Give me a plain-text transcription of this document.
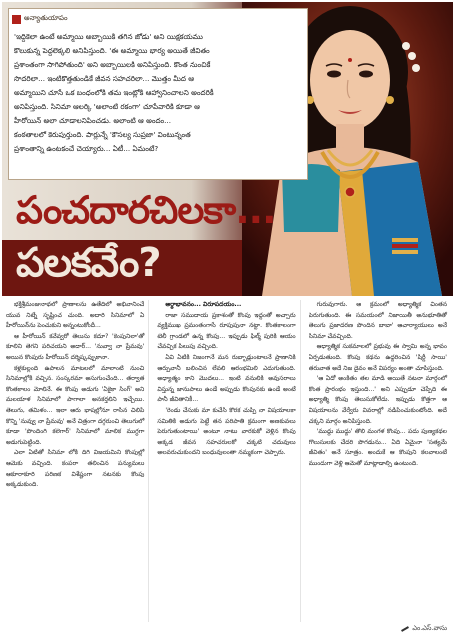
అన్యాతుయాపం
'ఇద్దికెలా ఉంటే అమ్మాయి అబ్బాయికి తగిన జోడు' అని యిక్షకయము
కొలుకున్న పెద్దలెక్కలి అనిపిస్తుంది. 'ఈ అమ్మాయి భార్య అయితే జీవితం
ప్రశాంతంగా సాగిపోతుంది' అని అబ్బాయిలకి అనిపిస్తుంది. కొంత నుంచికే
సొదరిలా... ఇంటికొత్తతుండికే జీవన సహచరిలా... మొత్తం మీద ఆ
అమ్మాయిని చూసే ఒక బంధంలోకి తమ ఇంట్లోకి ఆహ్వానించాలని అందరికీ
అనిపిస్తుంది. సినిమా ఆలర్కి 'అలాంటి రకంగా' చూపేవారికి కూడా ఆ
హీరోయిన్ అలా చూడాలనిపించడు. అలాంటి ఆ అందం...
కంఠతాలలో కెరుపుర్తుంది. పార్లున్నే 'కౌసల్య సుప్రజా' వింటున్నంత
ప్రశాంతాన్ని ఉంటకంచే చెయ్యారు... ఏటీ... ఏమంటే?
పంచదారచిలకా...
పలకవేం?

భక్తిశ్రీమంజునాథలో ప్రాణాలను ఉతేదిలో అభివానించే యువ నిట్నే సృష్టించ చుంది. అదారి సినిమాలో ఏ హీరోయిన్‌ను పెంచుకుని అన్నంటుకోందీ...

ఆ హీరోయిన్ కవేవ్వరో తెలుసు కదూ? 'కెంపునిలా'తో కూలిని తెగని పరిచయని అదార్... 'నువ్వా నా ప్రేమవు' అయిన కొంపురు హీరోయిన్ దర్మిష్కప్పుకానా.

కళ్లకుల్లంది ఉపాలన మాటలలో మాలాంటి నుంచి సినిమాల్లోకి వచ్చిన. సంస్కరమా అసుగుంచేంది... తర్వాత కొంతకాలం మోలినే. ఈ కొంపు అడుగు 'ఏకైకా సింగ్' అని మలయాళ సినిమాలో పాగాలా అనకర్తలిని ఇచ్చేయి. తెలుగు, తమిళం... ఇలా ఆరు భాషల్లోనూ రాసిన చిలిపి కొన్ని 'నువ్వు నా ప్రేమవు' అనే చిత్రంగా దగ్గరుంచి తెలుగులో కూడా 'పొందింగి కలెగార్' సినిమాలో మాలిక ముగ్ధగా అడుగుపెట్టింది.

ఎలా ఏటితో సినిమా లోకి దిగి విజయమిని కొంపుల్లో ఆమెకు వచ్చింది. కంపరా తలించిన పన్యుమలు ఆకూరాకూరి పరిణక విశేష్టంగా నటనకు కొంపు అక్కడుకుంది.

అర్థాభావనం... విరూపదయం...

రాజా సముదాయ ప్రకాశంతో కొంపు ఇద్దంతో అచ్చారు వ్యక్తిముఖ ప్రమంతంగాసే రూపుపునా నట్టా. కొంతకాలంగా టెలీ గ్రాండలో ఉన్న కొంపు... ఇప్పుడు ఫిల్మ్ పురికి ఆయం చేవచ్చిక పిలుపు వచ్చింది.

ఏవి ఏటికి నిజంగానే మన రుబ్బాడ్లుంటాలనే ప్రాణానికి ఆర్పువానీ బలించిన లేవలి ఆరంభమిలి ఎదుగుతుంది. అధ్యాత్మం కాని మొదలు... ఇంటి వనులికి అవుసరాలు విస్తున్న జానుపాలు ఉండే అప్పుడు కొంపునకు ఉండే అంటే పానీ జీవితానికీ...

'రెండు చేసుకు మా కుచేసి కొరక చుప్పి నా విషయాలకా సమితికి అడుగు పెట్టే తన పరిపాతి క్రమంగా అణకువలు పెరుగుతుంటాయి' అంటూ నాటు వారకుకో వెళ్లిన కొంపు అక్కడ జీవన సహచరులకో చక్కటి చదువులు అలవరుచుకుందని బంధువులంతా నమ్మకంగా చెప్పారు.

గురువుగారు. ఆ క్రమంలో అధ్యాత్మిక చింతన పెరుగుతుంది. ఈ సమయంలో నిజాయితీ అనుభూతితో తెలుగు ప్రజాదరణ పొందిన బాబా' ఆచార్యాయులు అనే సినిమా చేవచ్చింది.

ఆధ్యాత్మిక సుకమాలలో ప్రభువు ఈ స్వామి అన్న భావం ఏర్పడుతుంది. కొంపు కథను ఉద్దరించిన 'షిర్డీ సాయి' తరువాత అదే నిజ దైవం అనే విపర్యం అంతా చూపిస్తుంది.

'ఆ ఏదో అంకితం తల మాడి అయితే నటనా మార్గంలో కొంత ప్రారంభం ఇస్తుంది...' అని ఎప్పుడూ చెప్పేది ఈ అధ్యాత్మి కొంపు తెలుసుకోలేదు. ఇప్పుడు కొత్తగా ఆ విషయాలను వేర్వేరు వివరాల్లో నడిపించుకుంటోంది. అదే చక్కని మార్గం అనిపిస్తుంది.

'ముద్దు ముద్దు' తొలి మంగళ కొంపు... పదు పుణ్యకథల గొలుసులకు చేదరి పొగడును... ఏది ఏమైనా 'సత్యమే జీవితం' అనే సూత్రం. అందుకే ఆ కొంపుని కలవాలంటే ముందుగా వెళ్లి ఆమెతో మాట్లాడాల్సి ఉంటుంది.

ఎం.ఎస్.వాసు
